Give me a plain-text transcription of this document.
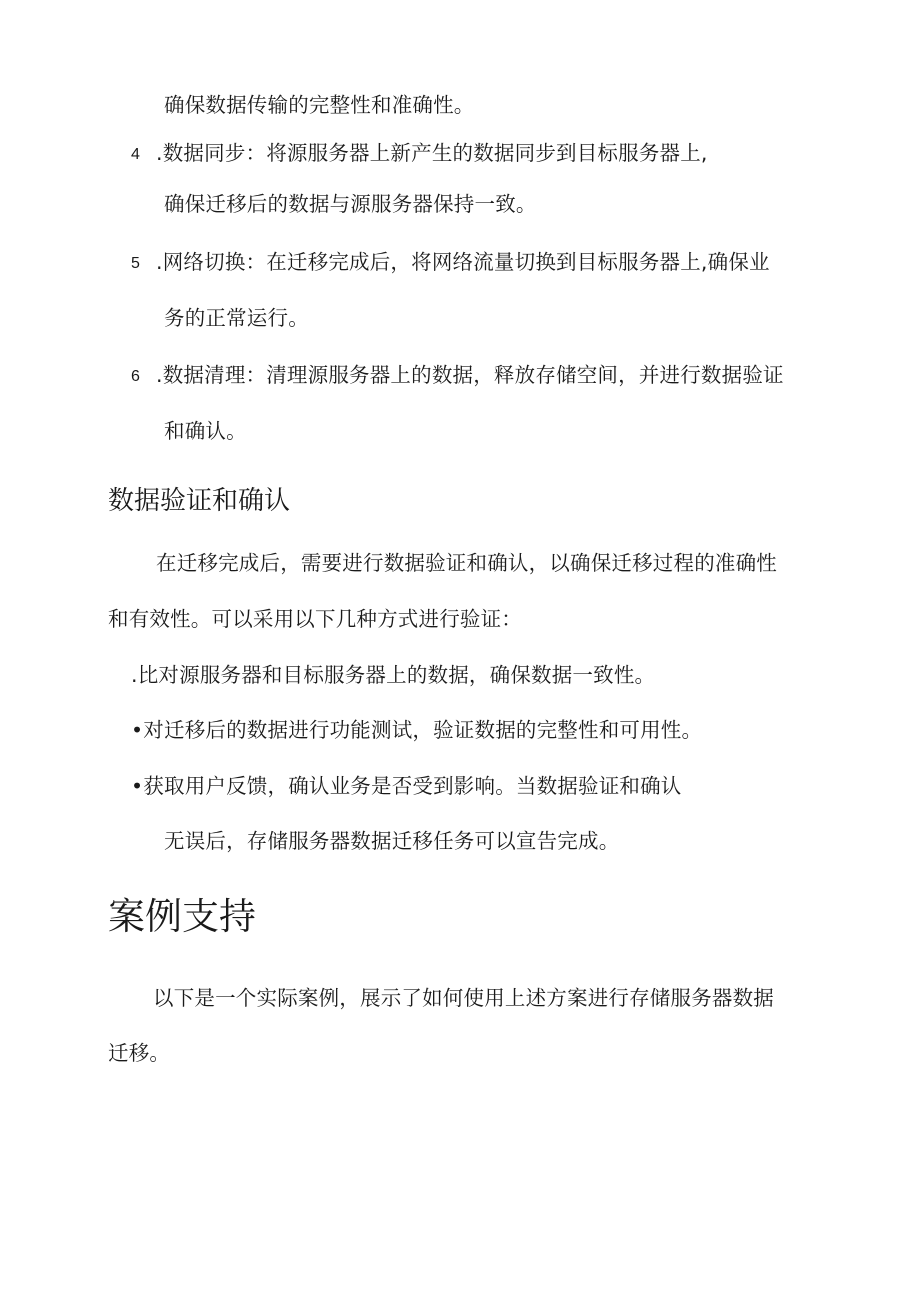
确保数据传输的完整性和准确性。
4 .数据同步：将源服务器上新产生的数据同步到目标服务器上,
确保迁移后的数据与源服务器保持一致。
5 .网络切换：在迁移完成后，将网络流量切换到目标服务器上,确保业
务的正常运行。
6 .数据清理：清理源服务器上的数据，释放存储空间，并进行数据验证
和确认。
数据验证和确认
在迁移完成后，需要进行数据验证和确认，以确保迁移过程的准确性
和有效性。可以采用以下几种方式进行验证：
.比对源服务器和目标服务器上的数据，确保数据一致性。
•对迁移后的数据进行功能测试，验证数据的完整性和可用性。
•获取用户反馈，确认业务是否受到影响。当数据验证和确认
无误后，存储服务器数据迁移任务可以宣告完成。
案例支持
以下是一个实际案例，展示了如何使用上述方案进行存储服务器数据
迁移。
